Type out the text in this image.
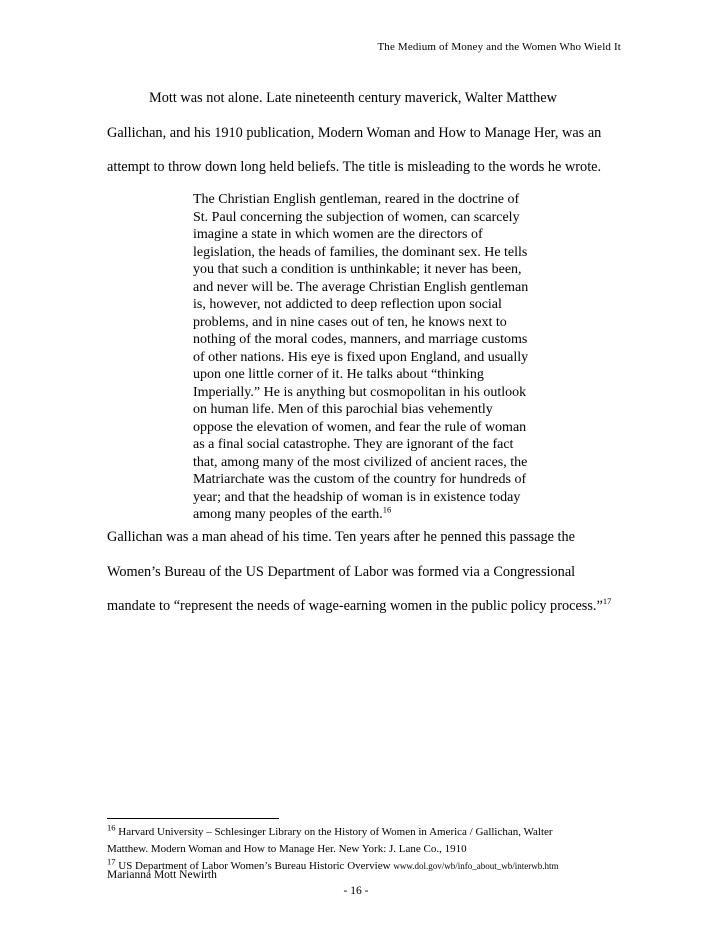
The Medium of Money and the Women Who Wield It
Mott was not alone. Late nineteenth century maverick, Walter Matthew
Gallichan, and his 1910 publication, Modern Woman and How to Manage Her, was an
attempt to throw down long held beliefs. The title is misleading to the words he wrote.
The Christian English gentleman, reared in the doctrine of
St. Paul concerning the subjection of women, can scarcely
imagine a state in which women are the directors of
legislation, the heads of families, the dominant sex. He tells
you that such a condition is unthinkable; it never has been,
and never will be. The average Christian English gentleman
is, however, not addicted to deep reflection upon social
problems, and in nine cases out of ten, he knows next to
nothing of the moral codes, manners, and marriage customs
of other nations. His eye is fixed upon England, and usually
upon one little corner of it. He talks about “thinking
Imperially.” He is anything but cosmopolitan in his outlook
on human life. Men of this parochial bias vehemently
oppose the elevation of women, and fear the rule of woman
as a final social catastrophe. They are ignorant of the fact
that, among many of the most civilized of ancient races, the
Matriarchate was the custom of the country for hundreds of
year; and that the headship of woman is in existence today
among many peoples of the earth.$^{16}$
Gallichan was a man ahead of his time. Ten years after he penned this passage the
Women’s Bureau of the US Department of Labor was formed via a Congressional
mandate to “represent the needs of wage-earning women in the public policy process.”$^{17}$
$^{16}$ Harvard University – Schlesinger Library on the History of Women in America / Gallichan, Walter
Matthew. Modern Woman and How to Manage Her. New York: J. Lane Co., 1910
$^{17}$ US Department of Labor Women’s Bureau Historic Overview www.dol.gov/wb/info_about_wb/interwb.htm
Marianna Mott Newirth
- 16 -
